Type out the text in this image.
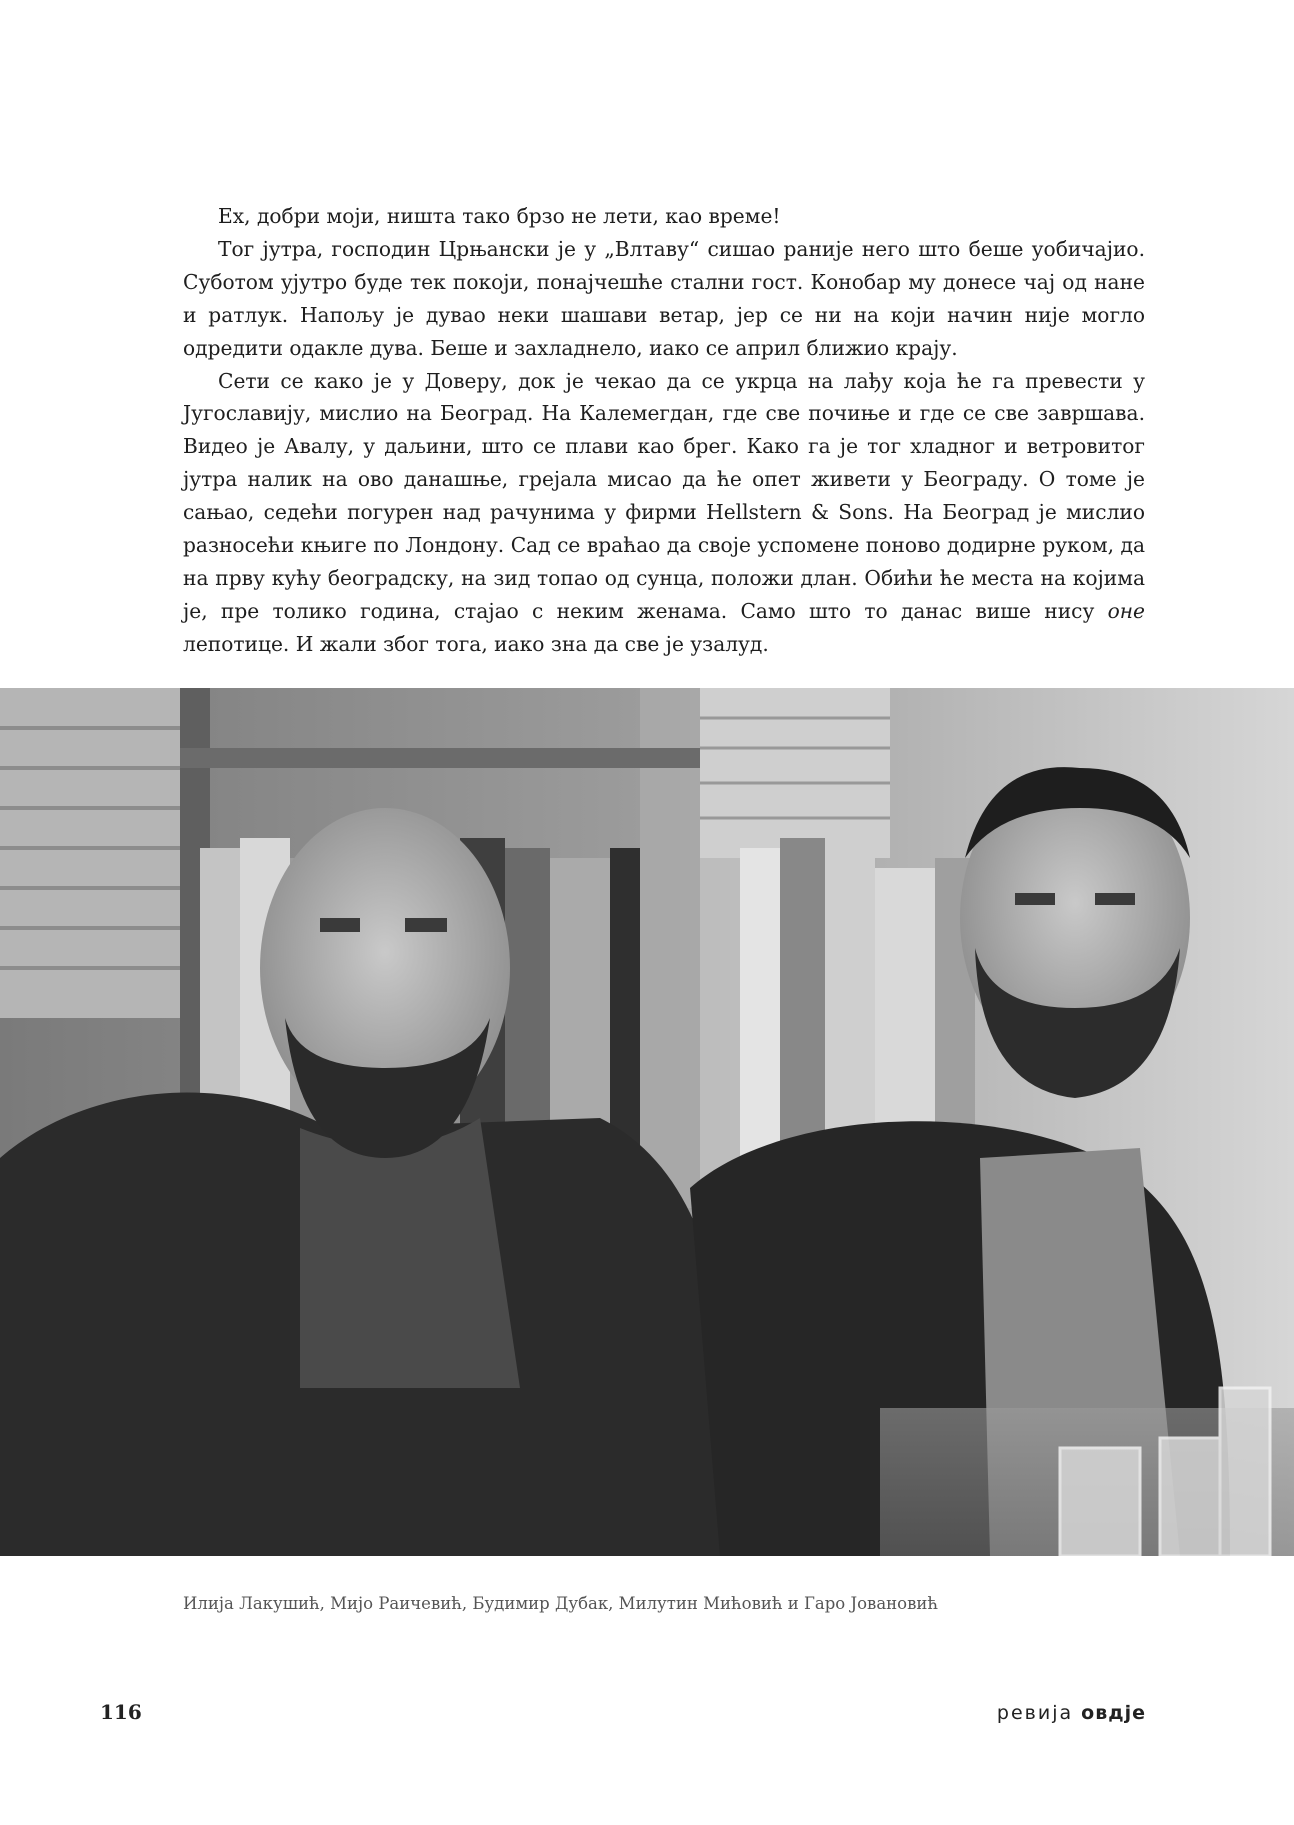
Ех, добри моји, ништа тако брзо не лети, као време!

Тог јутра, господин Црњански је у „Влтаву“ сишао раније него што беше уобичајио. Суботом ујутро буде тек покоји, понајчешће стални гост. Конобар му донесе чај од нане и ратлук. Напољу је дувао неки шашави ветар, јер се ни на који начин није могло одредити одакле дува. Беше и захладнело, иако се април ближио крају.

Сети се како је у Доверу, док је чекао да се укрца на лађу која ће га превести у Југославију, мислио на Београд. На Калемегдан, где све почиње и где се све завршава. Видео је Авалу, у даљини, што се плави као брег. Како га је тог хладног и ветровитог јутра налик на ово данашње, грејала мисао да ће опет живети у Београду. О томе је сањао, седећи погурен над рачунима у фирми Hellstern & Sons. На Београд је мислио разносећи књиге по Лондону. Сад се враћао да своје успомене поново додирне руком, да на прву кућу београдску, на зид топао од сунца, положи длан. Обићи ће места на којима је, пре толико година, стајао с неким женама. Само што то данас више нису оне лепотице. И жали због тога, иако зна да све је узалуд.

Илија Лакушић, Мијо Раичевић, Будимир Дубак, Милутин Мићовић и Гаро Јовановић

116	ревија овдје
